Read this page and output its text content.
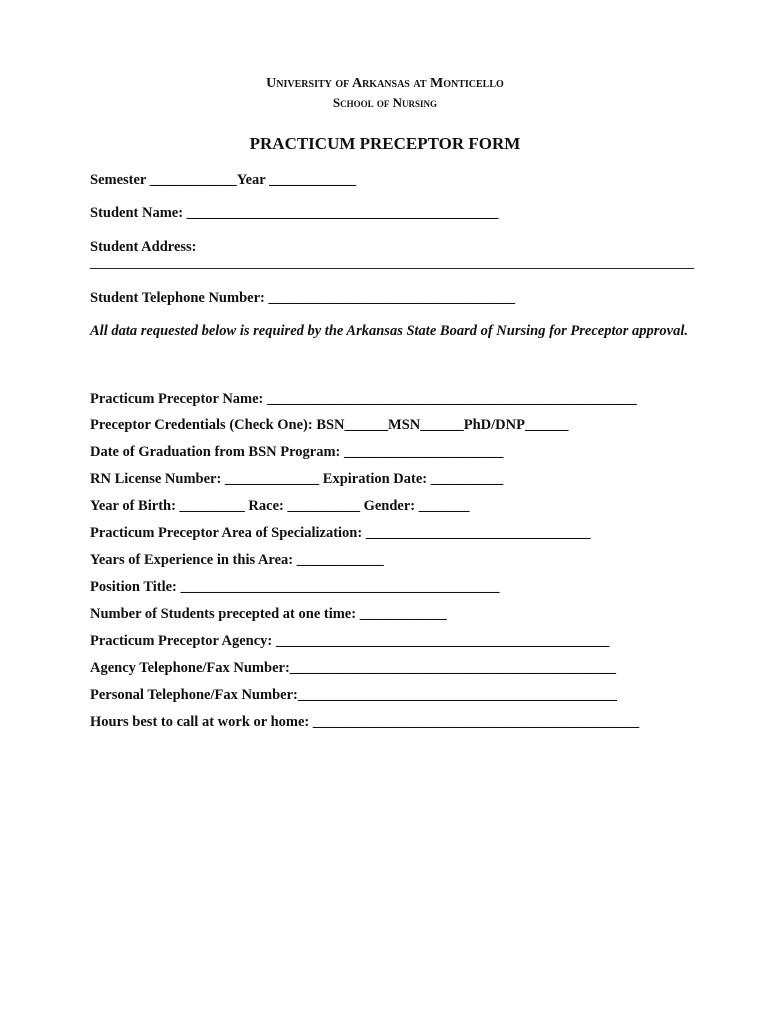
University of Arkansas at Monticello
School of Nursing
PRACTICUM PRECEPTOR FORM
Semester ____________Year ____________
Student Name: ___________________________________________
Student Address:
Student Telephone Number: __________________________________
All data requested below is required by the Arkansas State Board of Nursing for Preceptor approval.
Practicum Preceptor Name: ___________________________________________________
Preceptor Credentials (Check One): BSN______MSN______PhD/DNP______
Date of Graduation from BSN Program: ______________________
RN License Number: _____________ Expiration Date: __________
Year of Birth: _________ Race: __________ Gender: _______
Practicum Preceptor Area of Specialization: _______________________________
Years of Experience in this Area: ____________
Position Title: ____________________________________________
Number of Students precepted at one time: ____________
Practicum Preceptor Agency: ______________________________________________
Agency Telephone/Fax Number:_____________________________________________
Personal Telephone/Fax Number:____________________________________________
Hours best to call at work or home: _____________________________________________
